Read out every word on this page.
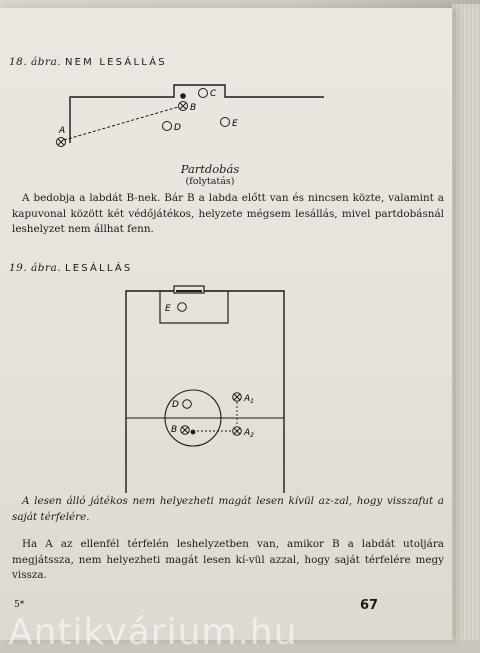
18. ábra. NEM LESÁLLÁS
A
B
C
D	E
Partdobás
(folytatás)
A bedobja a labdát B-nek. Bár B a labda előtt van és nincsen közte, valamint a kapuvonal között két védőjátékos, helyzete mégsem lesállás, mivel partdobásnál leshelyzet nem állhat fenn.
19. ábra. LESÁLLÁS
E
D
B
$A_1$
$A_2$
A lesen álló játékos nem helyezheti magát lesen kívül az-zal, hogy visszafut a saját térfelére.
Ha A az ellenfél térfelén leshelyzetben van, amikor B a labdát utoljára megjátssza, nem helyezheti magát lesen kí-vül azzal, hogy saját térfelére megy vissza.
5*	67
Antikvárium.hu
